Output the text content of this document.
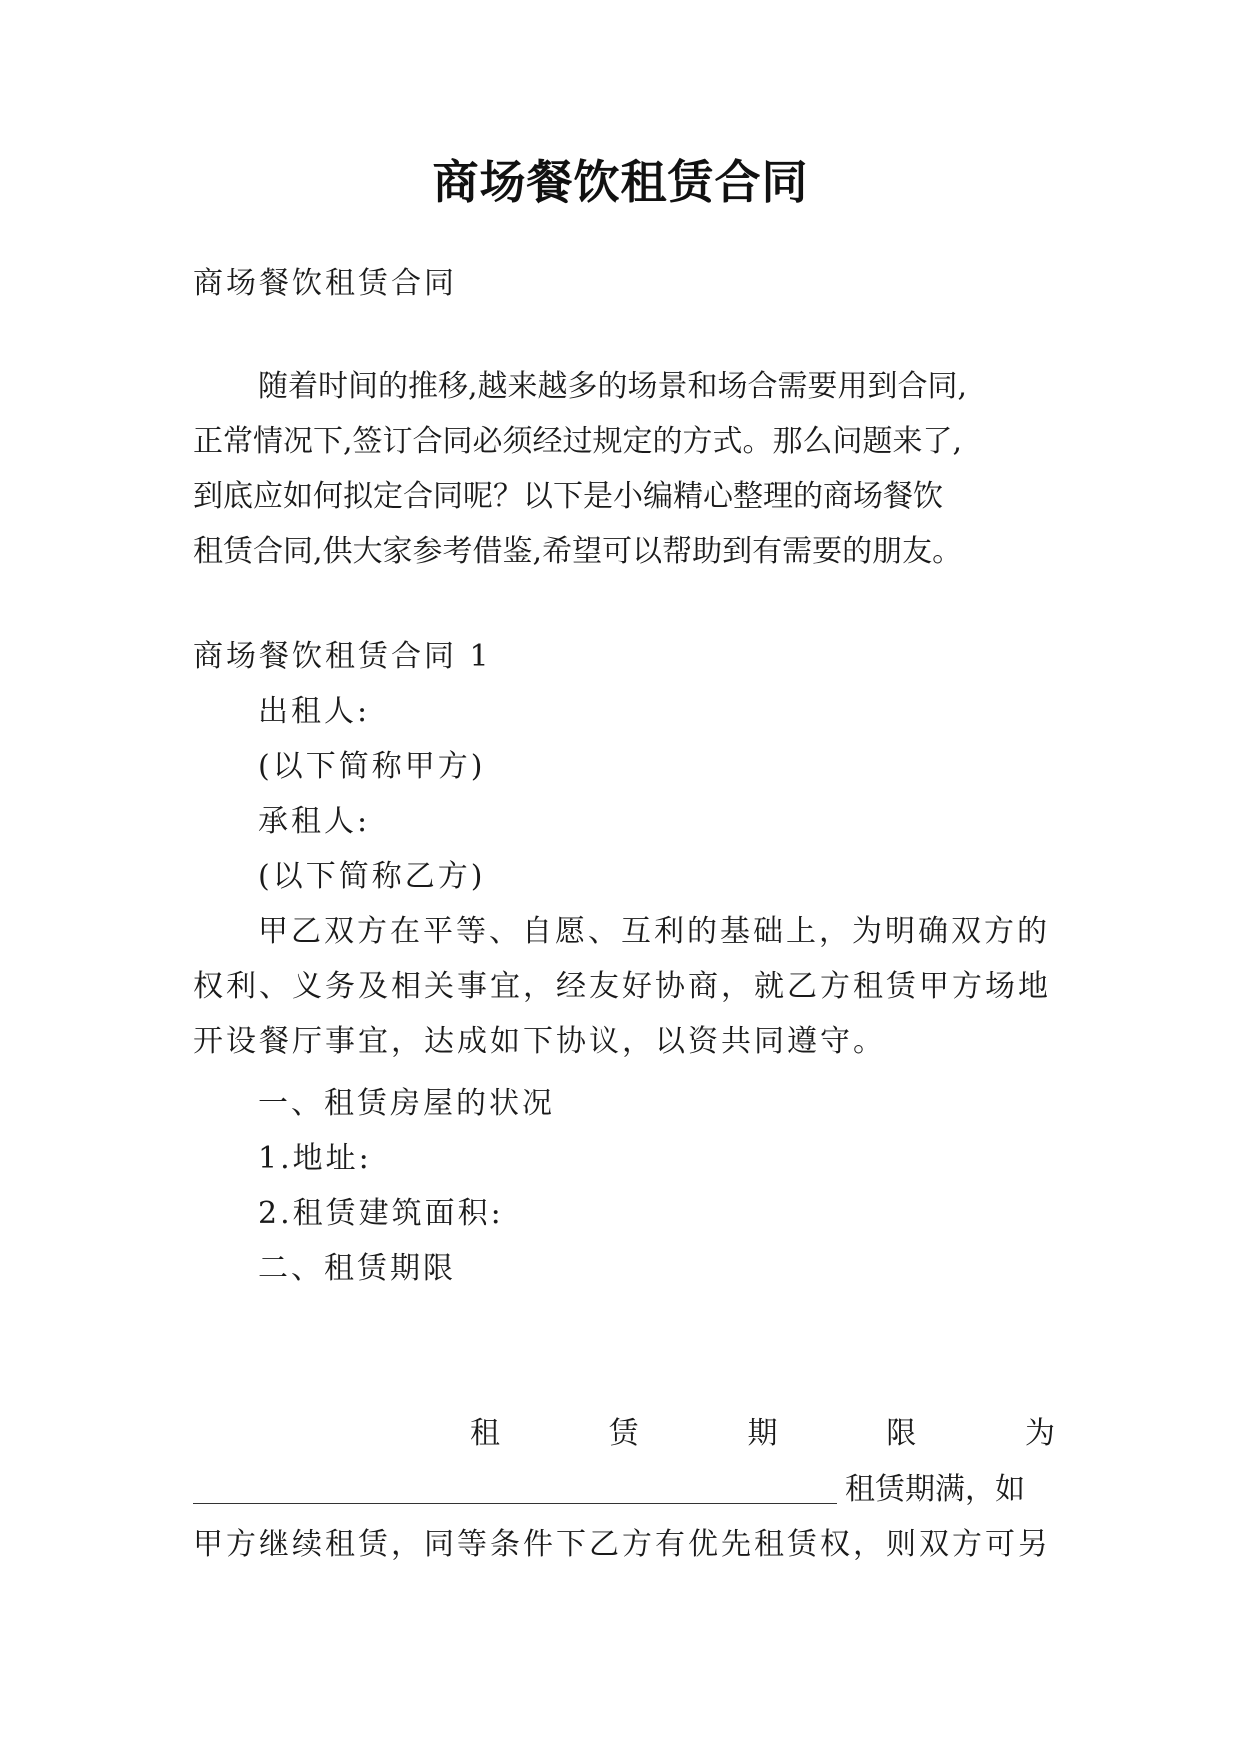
商场餐饮租赁合同
商场餐饮租赁合同
随着时间的推移,越来越多的场景和场合需要用到合同,
正常情况下,签订合同必须经过规定的方式。那么问题来了,
到底应如何拟定合同呢？以下是小编精心整理的商场餐饮
租赁合同,供大家参考借鉴,希望可以帮助到有需要的朋友。
商场餐饮租赁合同 1
出租人:
(以下简称甲方)
承租人:
(以下简称乙方)
甲乙双方在平等、自愿、互利的基础上，为明确双方的
权利、义务及相关事宜，经友好协商，就乙方租赁甲方场地
开设餐厅事宜，达成如下协议，以资共同遵守。
一、租赁房屋的状况
1.地址:
2.租赁建筑面积:
二、租赁期限
租	赁	期	限	为
租赁期满，如
甲方继续租赁，同等条件下乙方有优先租赁权，则双方可另
